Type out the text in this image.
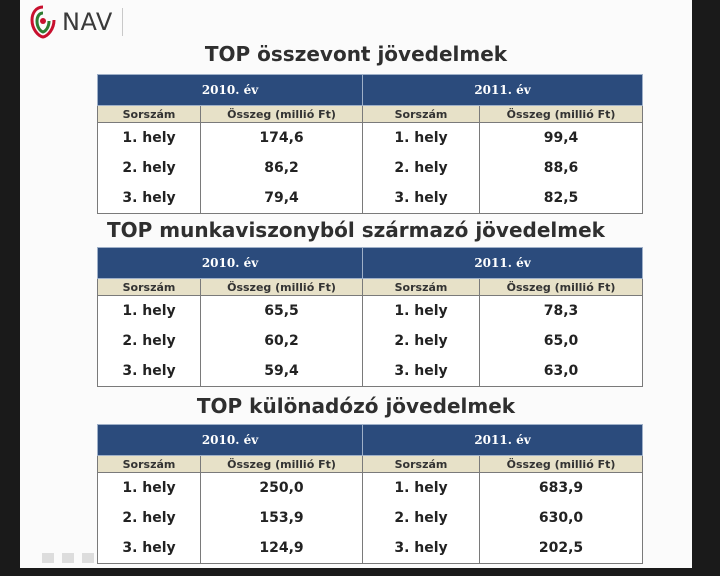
NAV
TOP összevont jövedelmek
2010. év		2011. év	
Sorszám	Összeg (millió Ft)	Sorszám	Összeg (millió Ft)
1. hely	174,6	1. hely	99,4
2. hely	86,2	2. hely	88,6
3. hely	79,4	3. hely	82,5
TOP munkaviszonyból származó jövedelmek
2010. év		2011. év	
Sorszám	Összeg (millió Ft)	Sorszám	Összeg (millió Ft)
1. hely	65,5	1. hely	78,3
2. hely	60,2	2. hely	65,0
3. hely	59,4	3. hely	63,0
TOP különadózó jövedelmek
2010. év		2011. év	
Sorszám	Összeg (millió Ft)	Sorszám	Összeg (millió Ft)
1. hely	250,0	1. hely	683,9
2. hely	153,9	2. hely	630,0
3. hely	124,9	3. hely	202,5
